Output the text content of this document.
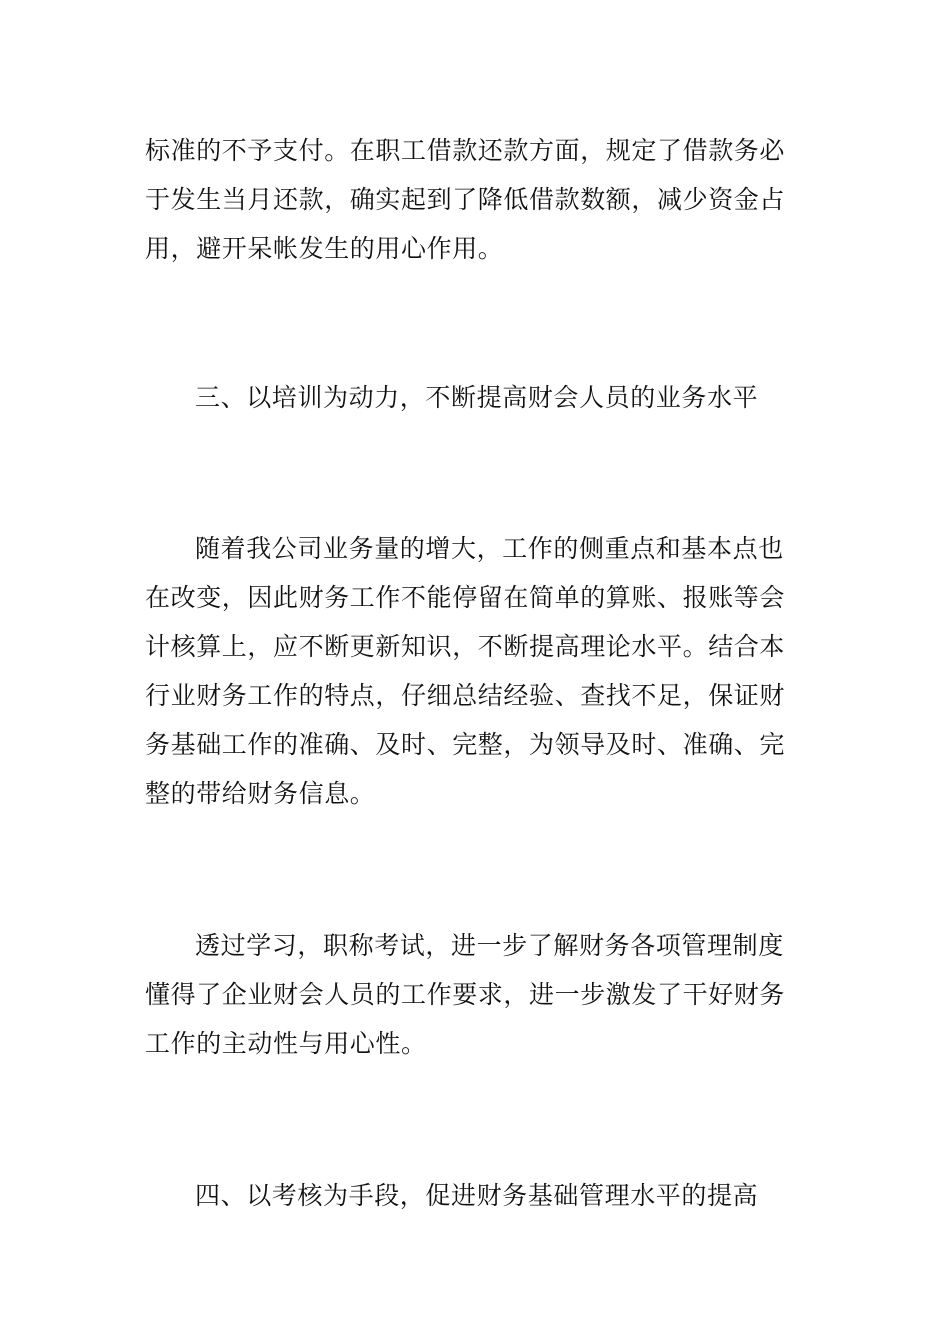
标准的不予支付。在职工借款还款方面，规定了借款务必
于发生当月还款，确实起到了降低借款数额，减少资金占
用，避开呆帐发生的用心作用。
三、以培训为动力，不断提高财会人员的业务水平
随着我公司业务量的增大，工作的侧重点和基本点也
在改变，因此财务工作不能停留在简单的算账、报账等会
计核算上，应不断更新知识，不断提高理论水平。结合本
行业财务工作的特点，仔细总结经验、查找不足，保证财
务基础工作的准确、及时、完整，为领导及时、准确、完
整的带给财务信息。
透过学习，职称考试，进一步了解财务各项管理制度
懂得了企业财会人员的工作要求，进一步激发了干好财务
工作的主动性与用心性。
四、以考核为手段，促进财务基础管理水平的提高
